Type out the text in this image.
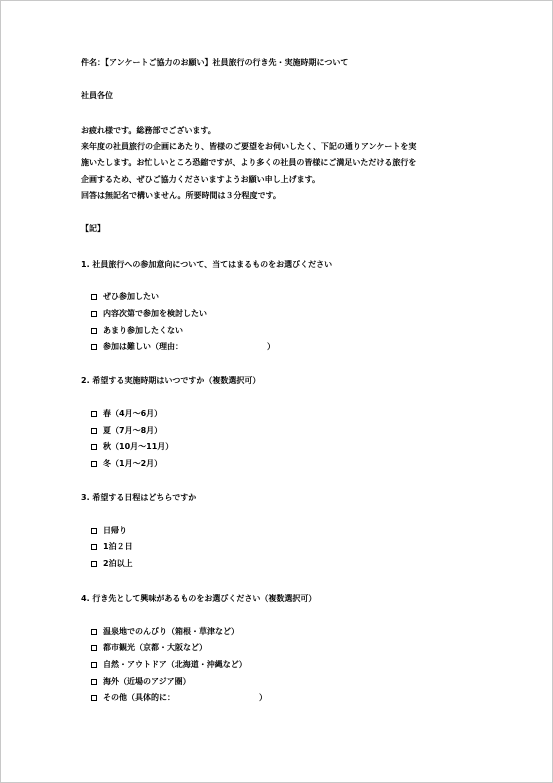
件名：【アンケートご協力のお願い】社員旅行の行き先・実施時期について
社員各位
お疲れ様です。総務部でございます。
来年度の社員旅行の企画にあたり、皆様のご要望をお伺いしたく、下記の通りアンケートを実
施いたします。お忙しいところ恐縮ですが、より多くの社員の皆様にご満足いただける旅行を
企画するため、ぜひご協力くださいますようお願い申し上げます。
回答は無記名で構いません。所要時間は３分程度です。
【記】
1. 社員旅行への参加意向について、当てはまるものをお選びください
ぜひ参加したい
内容次第で参加を検討したい
あまり参加したくない
参加は難しい（理由：　　　　　　　　　　　）
2. 希望する実施時期はいつですか（複数選択可）
春（4月～6月）
夏（7月～8月）
秋（10月～11月）
冬（1月～2月）
3. 希望する日程はどちらですか
日帰り
1泊２日
2泊以上
4. 行き先として興味があるものをお選びください（複数選択可）
温泉地でのんびり（箱根・草津など）
都市観光（京都・大阪など）
自然・アウトドア（北海道・沖縄など）
海外（近場のアジア圏）
その他（具体的に：　　　　　　　　　　　）
